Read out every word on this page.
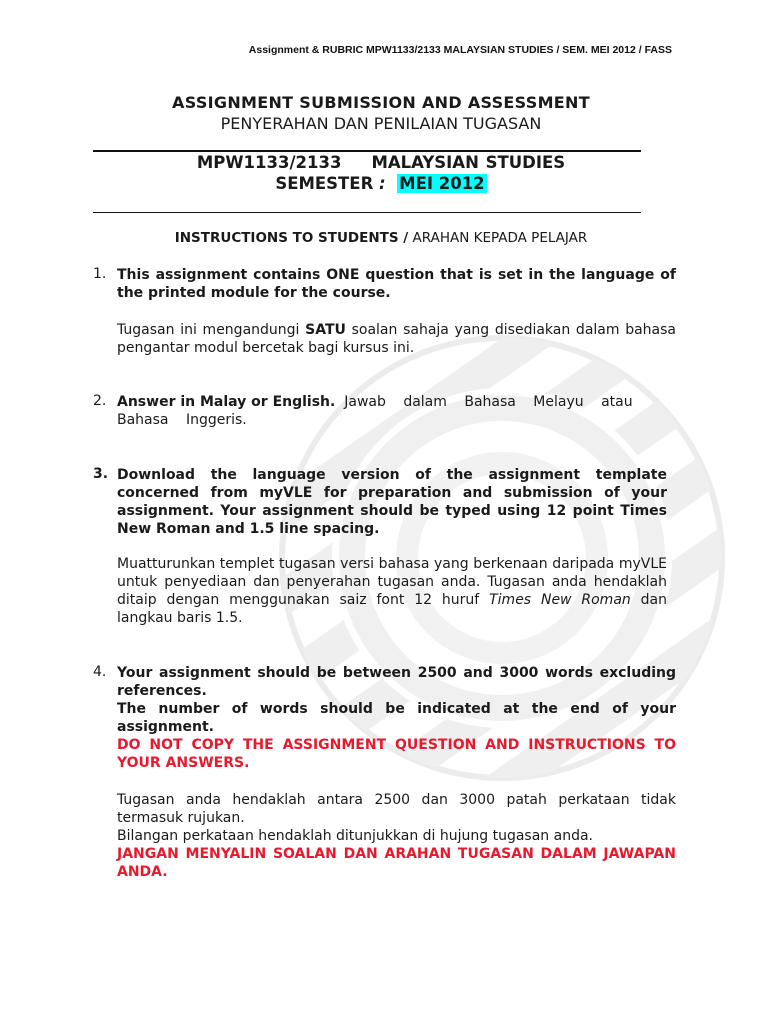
Assignment & RUBRIC MPW1133/2133 MALAYSIAN STUDIES / SEM. MEI 2012 / FASS
ASSIGNMENT SUBMISSION AND ASSESSMENT
PENYERAHAN DAN PENILAIAN TUGASAN
MPW1133/2133 MALAYSIAN STUDIES
SEMESTER : MEI 2012
INSTRUCTIONS TO STUDENTS / ARAHAN KEPADA PELAJAR
1. This assignment contains ONE question that is set in the language of the printed module for the course.
Tugasan ini mengandungi SATU soalan sahaja yang disediakan dalam bahasa pengantar modul bercetak bagi kursus ini.
2. Answer in Malay or English. Jawab dalam Bahasa Melayu atau Bahasa Inggeris.
3. Download the language version of the assignment template concerned from myVLE for preparation and submission of your assignment. Your assignment should be typed using 12 point Times New Roman and 1.5 line spacing.
Muatturunkan templet tugasan versi bahasa yang berkenaan daripada myVLE untuk penyediaan dan penyerahan tugasan anda. Tugasan anda hendaklah ditaip dengan menggunakan saiz font 12 huruf Times New Roman dan langkau baris 1.5.
4. Your assignment should be between 2500 and 3000 words excluding references.
The number of words should be indicated at the end of your assignment.
DO NOT COPY THE ASSIGNMENT QUESTION AND INSTRUCTIONS TO YOUR ANSWERS.
Tugasan anda hendaklah antara 2500 dan 3000 patah perkataan tidak termasuk rujukan.
Bilangan perkataan hendaklah ditunjukkan di hujung tugasan anda.
JANGAN MENYALIN SOALAN DAN ARAHAN TUGASAN DALAM JAWAPAN ANDA.
